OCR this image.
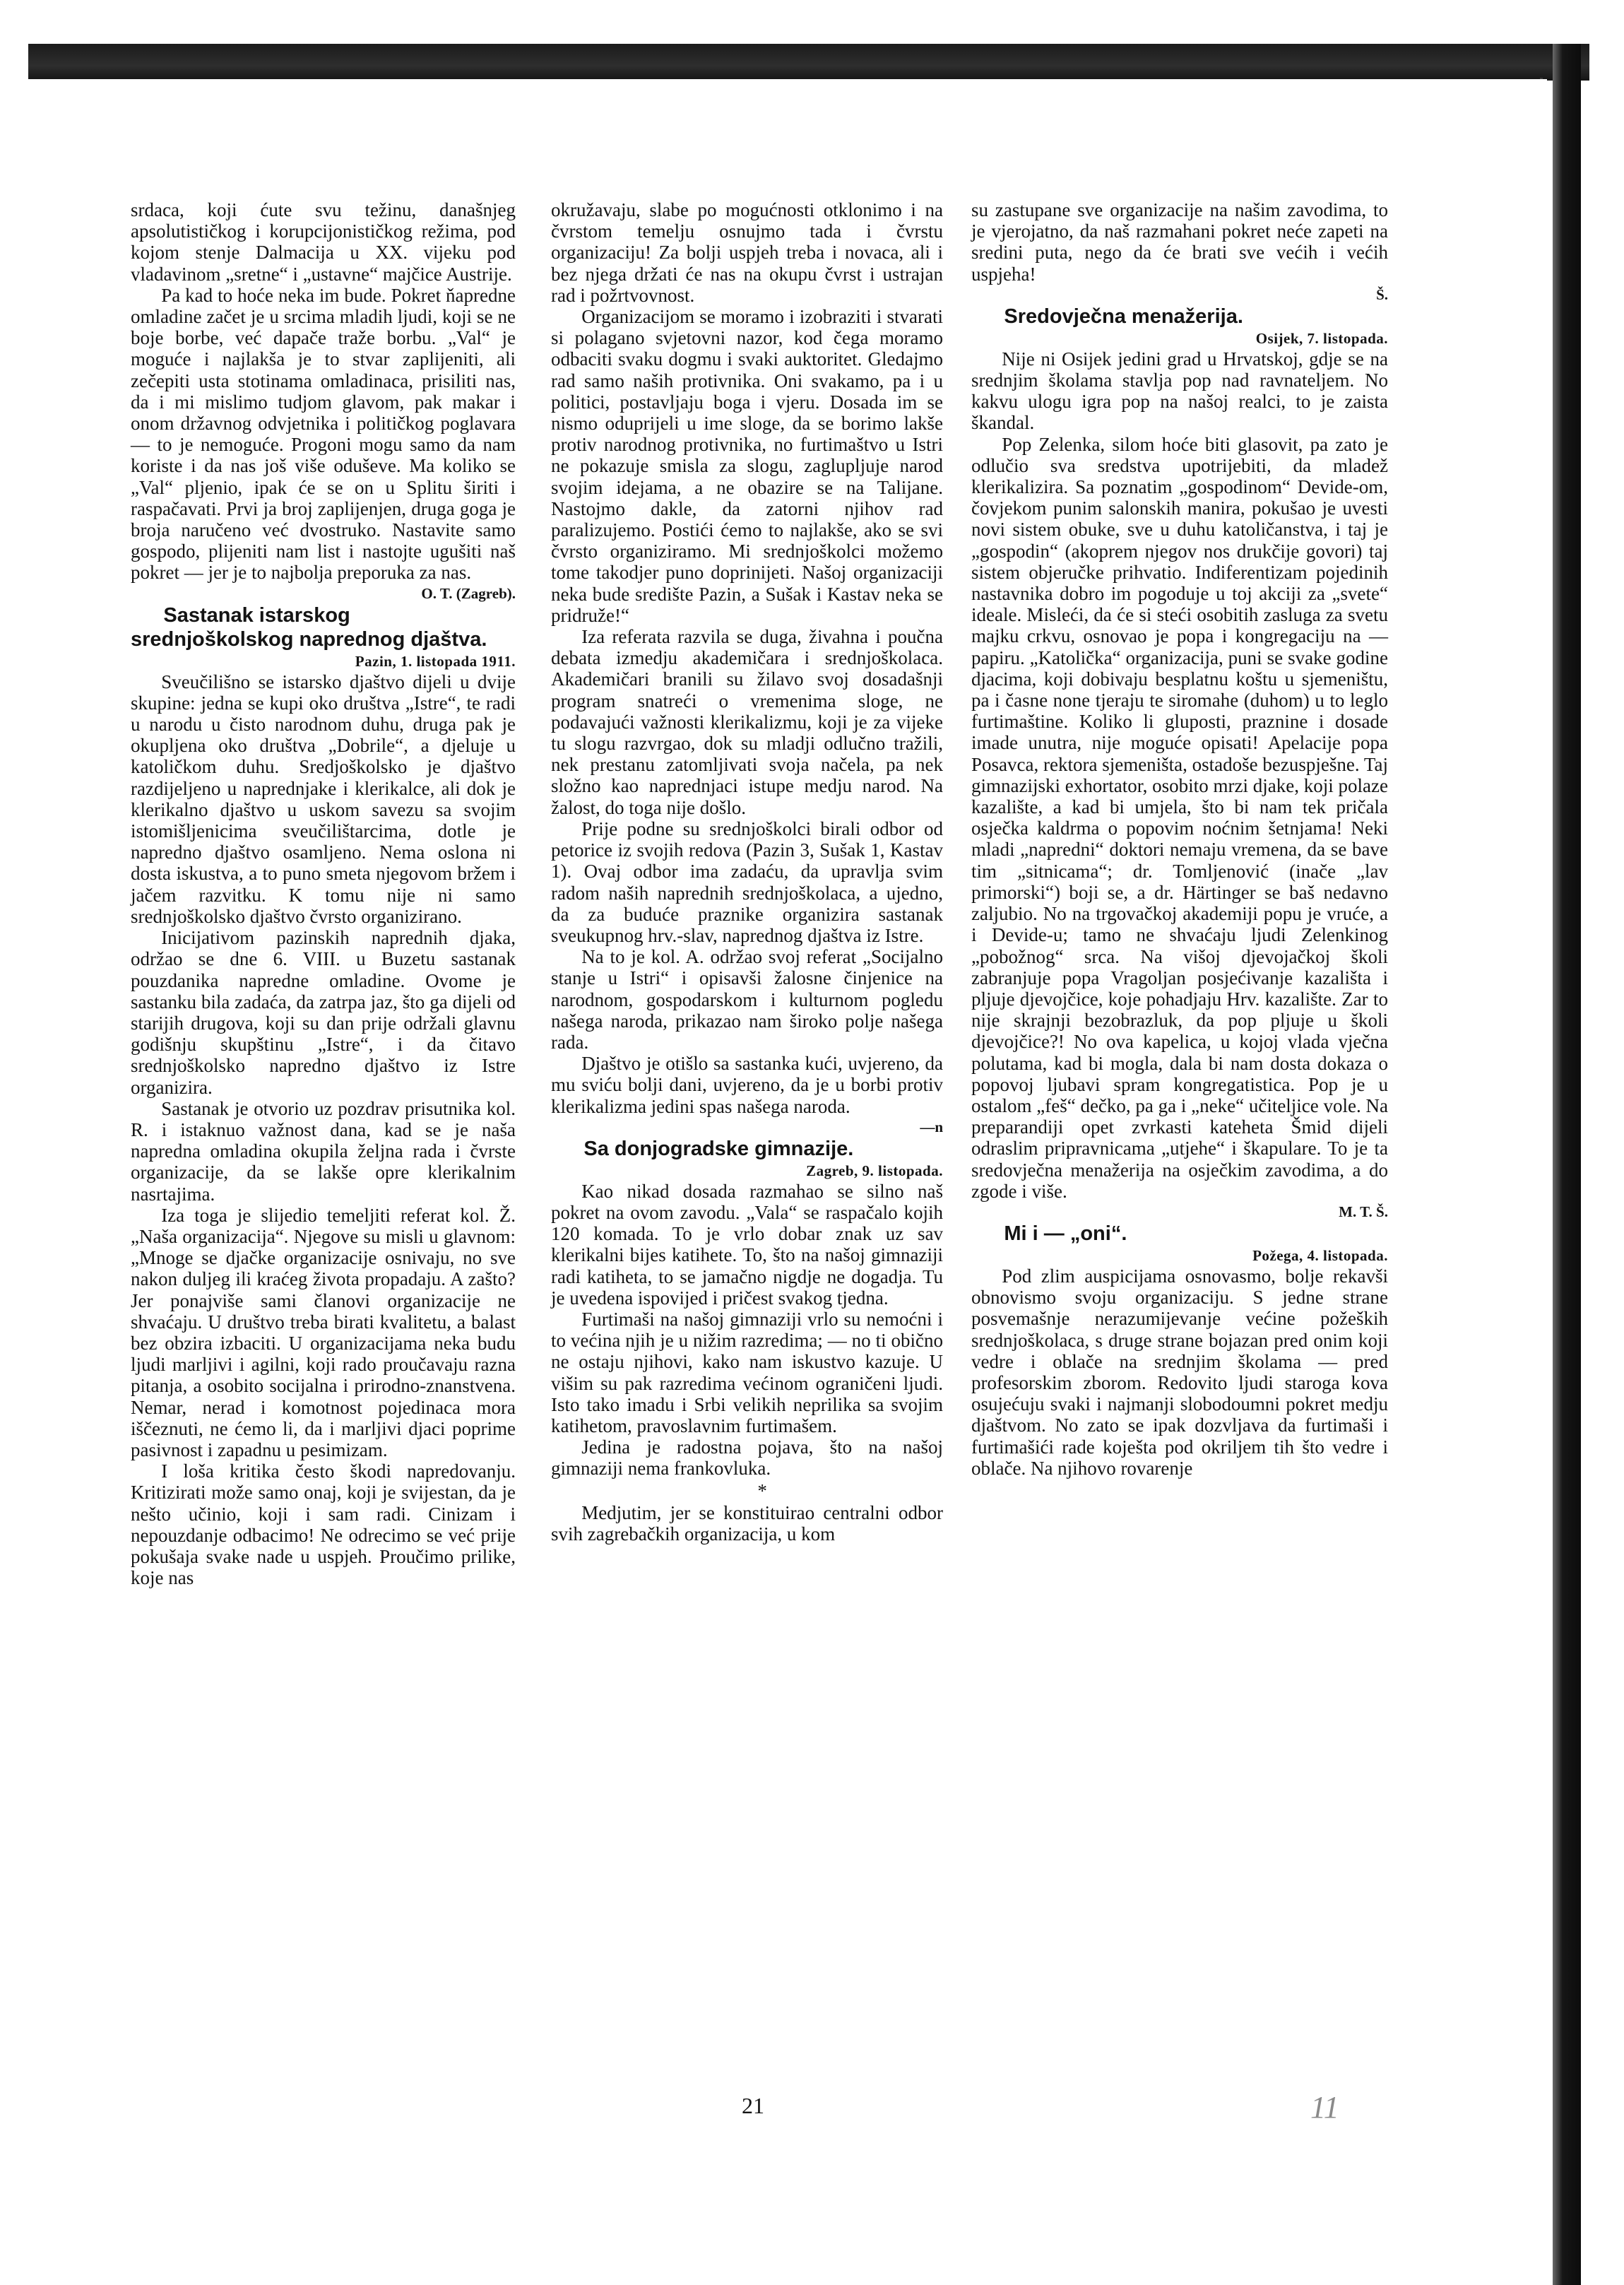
srdaca, koji ćute svu težinu, današnjeg apsolutističkog i korupcijonističkog režima, pod kojom stenje Dalmacija u XX. vijeku pod vladavinom „sretne“ i „ustavne“ majčice Austrije.

Pa kad to hoće neka im bude. Pokret ňapredne omladine začet je u srcima mladih ljudi, koji se ne boje borbe, već dapače traže borbu. „Val“ je moguće i najlakša je to stvar zaplijeniti, ali zečepiti usta stotinama omladinaca, prisiliti nas, da i mi mislimo tudjom glavom, pak makar i onom državnog odvjetnika i političkog poglavara — to je nemoguće. Progoni mogu samo da nam koriste i da nas još više oduševe. Ma koliko se „Val“ pljenio, ipak će se on u Splitu širiti i raspačavati. Prvi ja broj zaplijenjen, druga goga je broja naručeno već dvostruko. Nastavite samo gospodo, plijeniti nam list i nastojte ugušiti naš pokret — jer je to najbolja preporuka za nas.

O. T. (Zagreb).

Sastanak istarskog srednjoškolskog naprednog djaštva.

Pazin, 1. listopada 1911.

Sveučilišno se istarsko djaštvo dijeli u dvije skupine: jedna se kupi oko društva „Istre“, te radi u narodu u čisto narodnom duhu, druga pak je okupljena oko društva „Dobrile“, a djeluje u katoličkom duhu. Sredjoškolsko je djaštvo razdijeljeno u naprednjake i klerikalce, ali dok je klerikalno djaštvo u uskom savezu sa svojim istomišljenicima sveučilištarcima, dotle je napredno djaštvo osamljeno. Nema oslona ni dosta iskustva, a to puno smeta njegovom bržem i jačem razvitku. K tomu nije ni samo srednjoškolsko djaštvo čvrsto organizirano.

Inicijativom pazinskih naprednih djaka, održao se dne 6. VIII. u Buzetu sastanak pouzdanika naprednе omladine. Ovome je sastanku bila zadaća, da zatrpa jaz, što ga dijeli od starijih drugova, koji su dan prije održali glavnu godišnju skupštinu „Istre“, i da čitavo srednjoškolsko napredno djaštvo iz Istre organizira.

Sastanak je otvorio uz pozdrav prisutnika kol. R. i istaknuo važnost dana, kad se je naša napredna omladina okupila željna rada i čvrste organizacije, da se lakše opre klerikalnim nasrtajima.

Iza toga je slijedio temeljiti referat kol. Ž. „Naša organizacija“. Njegove su misli u glavnom: „Mnoge se djačke organizacije osnivaju, no sve nakon duljeg ili kraćeg života propadaju. A zašto? Jer ponajviše sami članovi organizacije ne shvaćaju. U društvo treba birati kvalitetu, a balast bez obzira izbaciti. U organizacijama neka budu ljudi marljivi i agilni, koji rado proučavaju razna pitanja, a osobito socijalna i prirodno-znanstvena. Nemar, nerad i komotnost pojedinaca mora iščeznuti, ne ćemo li, da i marljivi djaci poprime pasivnost i zapadnu u pesimizam.

I loša kritika često škodi napredovanju. Kritizirati može samo onaj, koji je svijestan, da je nešto učinio, koji i sam radi. Cinizam i nepouzdanje odbacimo! Ne odrecimo se već prije pokušaja svake nade u uspjeh. Proučimo prilike, koje nas

okružavaju, slabe po mogućnosti otklonimo i na čvrstom temelju osnujmo tada i čvrstu organizaciju! Za bolji uspjeh treba i novaca, ali i bez njega držati će nas na okupu čvrst i ustrajan rad i požrtvovnost.

Organizacijom se moramo i izobraziti i stvarati si polagano svjetovni nazor, kod čega moramo odbaciti svaku dogmu i svaki auktoritet. Gledajmo rad samo naših protivnika. Oni svakamo, pa i u politici, postavljaju boga i vjeru. Dosada im se nismo oduprijeli u ime sloge, da se borimo lakše protiv narodnog protivnika, no furtimaštvo u Istri ne pokazuje smisla za slogu, zaglupljuje narod svojim idejama, a ne obazire se na Talijane. Nastojmo dakle, da zatorni njihov rad paralizujemo. Postići ćemo to najlakše, ako se svi čvrsto organiziramo. Mi srednjoškolci možemo tome takodjer puno doprinijeti. Našoj organizaciji neka bude središte Pazin, a Sušak i Kastav neka se pridruže!“

Iza referata razvila se duga, živahna i poučna debata izmedju akademičara i srednjoškolaca. Akademičari branili su žilavo svoj dosadašnji program snatreći o vremenima sloge, ne podavajući važnosti klerikalizmu, koji je za vijeke tu slogu razvrgao, dok su mladji odlučno tražili, nek prestanu zatomljivati svoja načela, pa nek složno kao naprednjaci istupe medju narod. Na žalost, do toga nije došlo.

Prije podne su srednjoškolci birali odbor od petorice iz svojih redova (Pazin 3, Sušak 1, Kastav 1). Ovaj odbor ima zadaću, da upravlja svim radom naših naprednih srednjoškolaca, a ujedno, da za buduće praznike organizira sastanak sveukupnog hrv.-slav, naprednog djaštva iz Istre.

Na to je kol. A. održao svoj referat „Socijalno stanje u Istri“ i opisavši žalosne činjenice na narodnom, gospodarskom i kulturnom pogledu našega naroda, prikazao nam široko polje našega rada.

Djaštvo je otišlo sa sastanka kući, uvjereno, da mu sviću bolji dani, uvjereno, da je u borbi protiv klerikalizma jedini spas našega naroda.

—n

Sa donjogradske gimnazije.

Zagreb, 9. listopada.

Kao nikad dosada razmahao se silno naš pokret na ovom zavodu. „Vala“ se raspačalo kojih 120 komada. To je vrlo dobar znak uz sav klerikalni bijes katihete. To, što na našoj gimnaziji radi katiheta, to se jamačno nigdje ne dogadja. Tu je uvedena ispovijed i pričest svakog tjedna.

Furtimaši na našoj gimnaziji vrlo su nemoćni i to većina njih je u nižim razredima; — no ti obično ne ostaju njihovi, kako nam iskustvo kazuje. U višim su pak razredima većinom ograničeni ljudi. Isto tako imadu i Srbi velikih neprilika sa svojim katihetom, pravoslavnim furtimašem.

Jedina je radostna pojava, što na našoj gimnaziji nema frankovluka.

*

Medjutim, jer se konstituirao centralni odbor svih zagrebačkih organizacija, u kom

su zastupane sve organizacije na našim zavodima, to je vjerojatno, da naš razmahani pokret neće zapeti na sredini puta, nego da će brati sve većih i većih uspjeha!

Š.

Sredovječna menažerija.

Osijek, 7. listopada.

Nije ni Osijek jedini grad u Hrvatskoj, gdje se na srednjim školama stavlja pop nad ravnateljem. No kakvu ulogu igra pop na našoj realci, to je zaista škandal.

Pop Zelenka, silom hoće biti glasovit, pa zato je odlučio sva sredstva upotrijebiti, da mladež klerikalizira. Sa poznatim „gospodinom“ Devide-om, čovjekom punim salonskih manira, pokušao je uvesti novi sistem obuke, sve u duhu katoličanstva, i taj je „gospodin“ (akoprem njegov nos drukčije govori) taj sistem objeručke prihvatio. Indiferentizam pojedinih nastavnika dobro im pogoduje u toj akciji za „svete“ ideale. Misleći, da će si steći osobitih zasluga za svetu majku crkvu, osnovao je popa i kongregaciju na — papiru. „Katolička“ organizacija, puni se svake godine djacima, koji dobivaju besplatnu koštu u sjemeništu, pa i časne none tjeraju te siromahe (duhom) u to leglo furtimaštine. Koliko li gluposti, praznine i dosade imade unutra, nije moguće opisati! Apelacije popa Posavca, rektora sjemeništa, ostadoše bezuspješne. Taj gimnazijski exhortator, osobito mrzi djake, koji polaze kazalište, a kad bi umjela, što bi nam tek pričala osječka kaldrma o popovim noćnim šetnjama! Neki mladi „napredni“ doktori nemaju vremena, da se bave tim „sitnicama“; dr. Tomljenović (inače „lav primorski“) boji se, a dr. Härtinger se baš nedavno zaljubio. No na trgovačkoj akademiji popu je vruće, a i Devide-u; tamo ne shvaćaju ljudi Zelenkinog „pobožnog“ srca. Na višoj djevojačkoj školi zabranjuje popa Vragoljan posjećivanje kazališta i pljuje djevojčice, koje pohadjaju Hrv. kazalište. Zar to nije skrajnji bezobrazluk, da pop pljuje u školi djevojčice?! No ova kapelica, u kojoj vlada vječna polutama, kad bi mogla, dala bi nam dosta dokaza o popovoj ljubavi spram kongregatistica. Pop je u ostalom „feš“ dečko, pa ga i „neke“ učiteljice vole. Na preparandiji opet zvrkasti kateheta Šmid dijeli odraslim pripravnicama „utjehe“ i škapulare. To je ta sredovječna menažerija na osječkim zavodima, a do zgode i više.

M. T. Š.

Mi i — „oni“.

Požega, 4. listopada.

Pod zlim auspicijama osnovasmo, bolje rekavši obnovismo svoju organizaciju. S jedne strane posvemašnje nerazumijevanje većine požeških srednjoškolaca, s druge strane bojazan pred onim koji vedre i oblače na srednjim školama — pred profesorskim zborom. Redovito ljudi staroga kova osujećuju svaki i najmanji slobodoumni pokret medju djaštvom. No zato se ipak dozvljava da furtimaši i furtimašići rade koješta pod okriljem tih što vedre i oblače. Na njihovo rovarenje

21	11
